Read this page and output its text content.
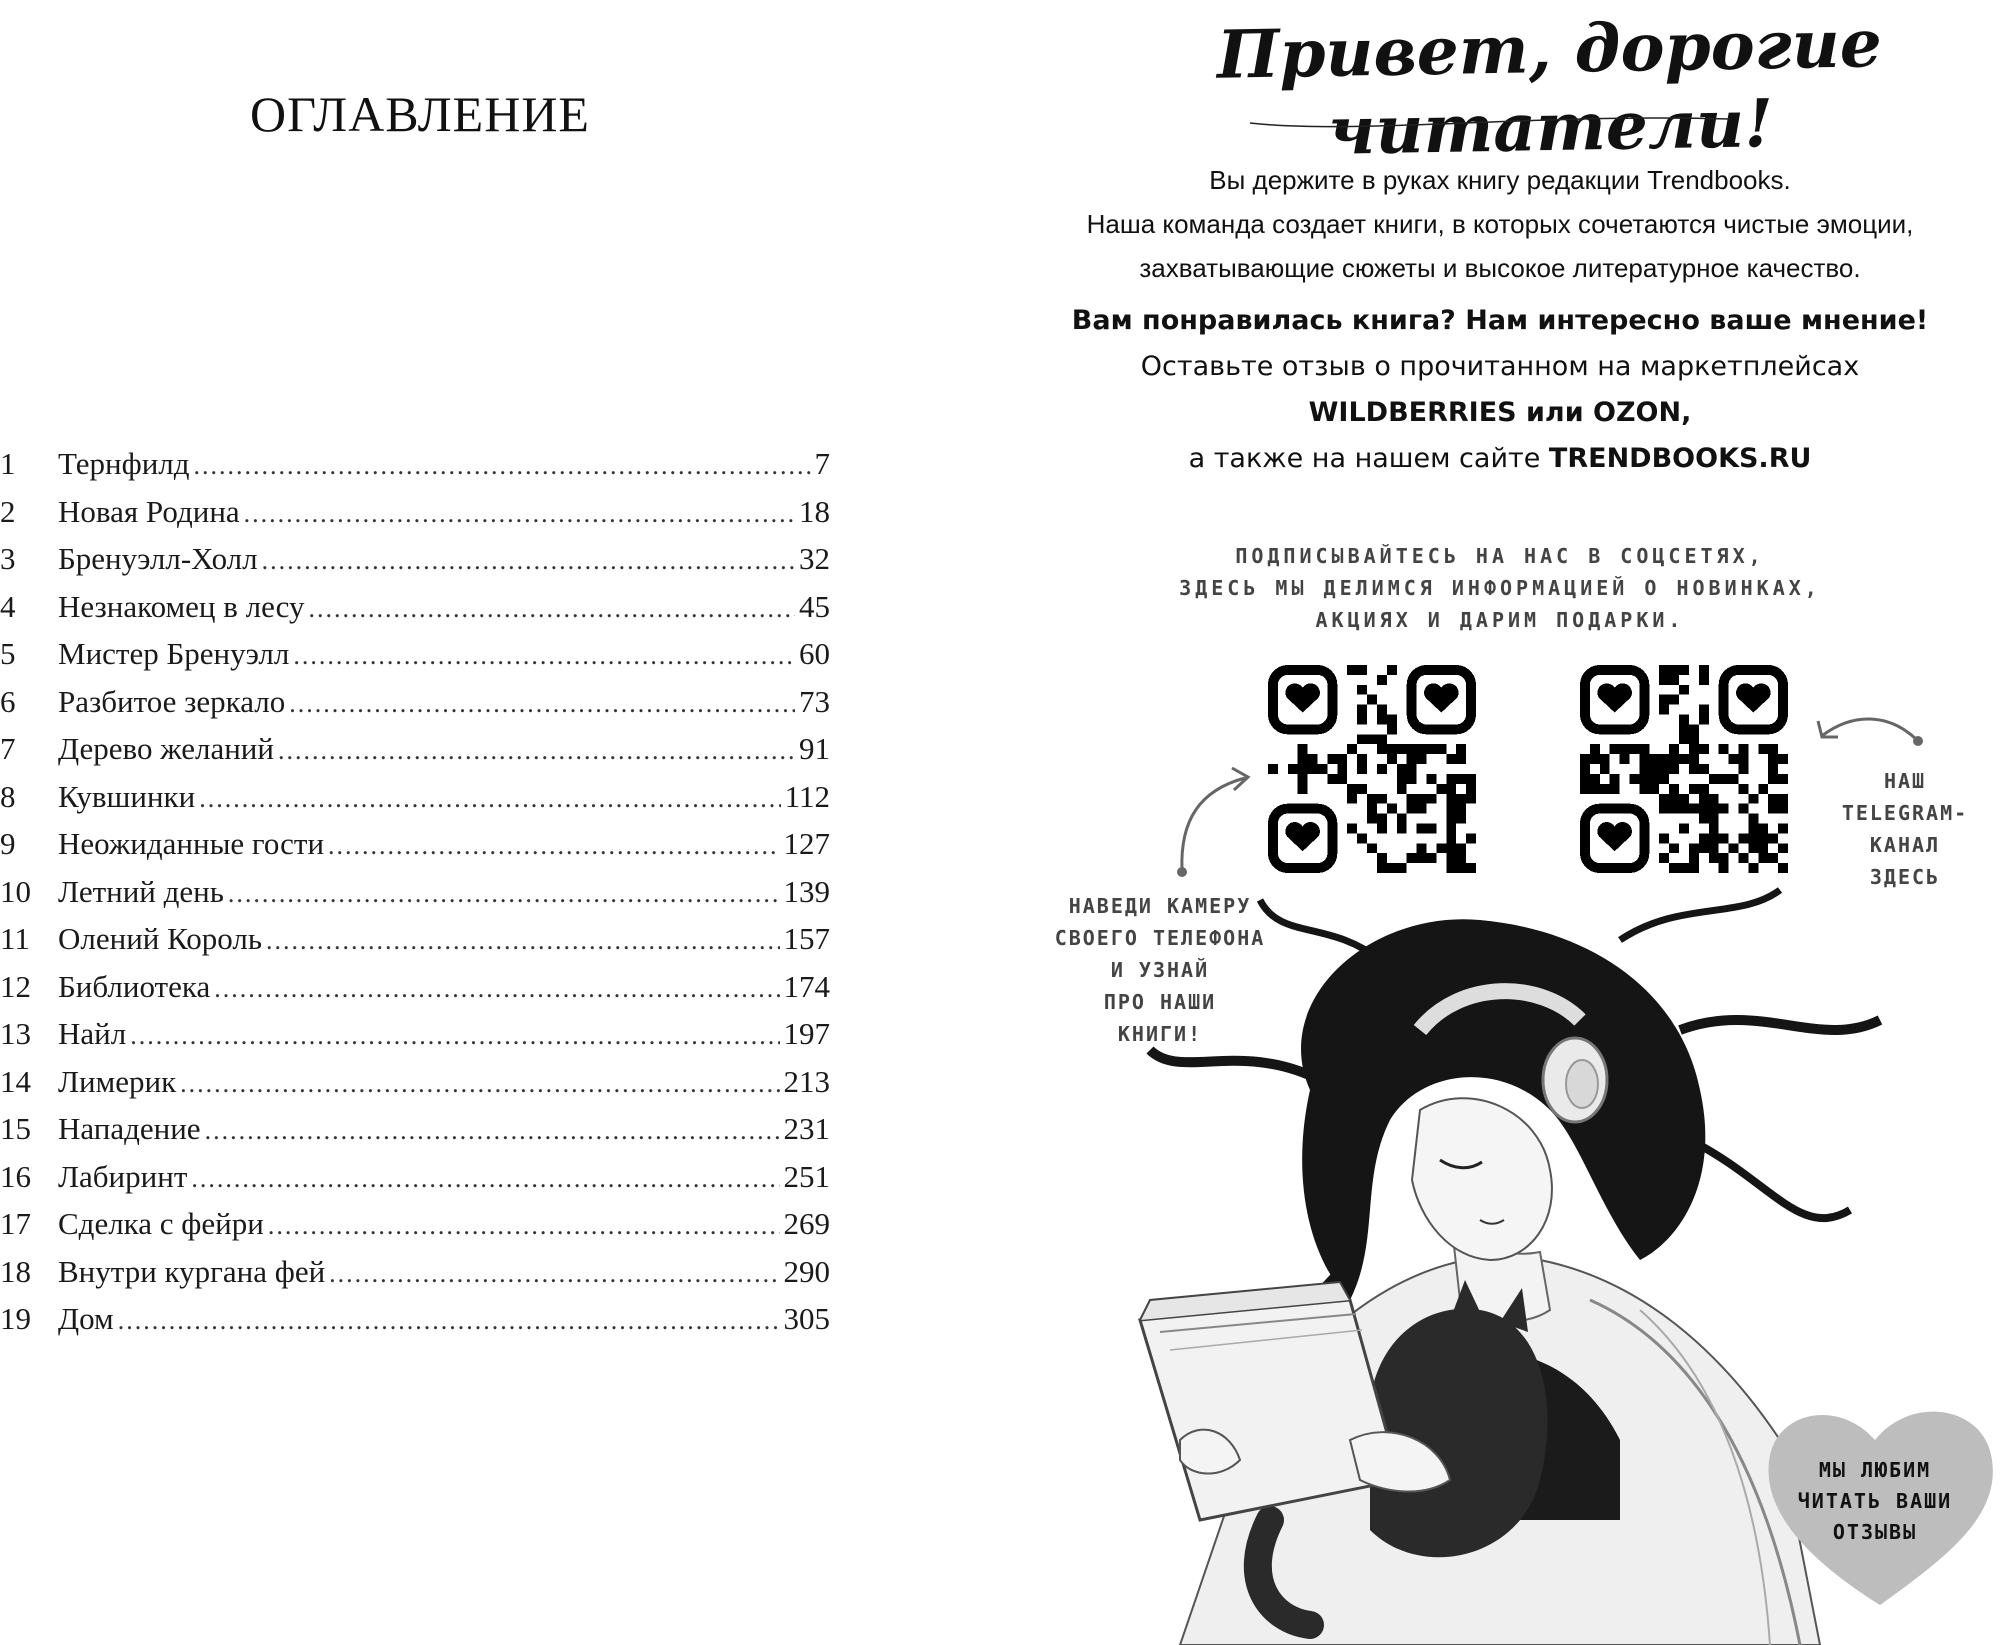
ОГЛАВЛЕНИЕ
1	Тернфилд .....	7
2	Новая Родина .....	18
3	Бренуэлл-Холл .....	32
4	Незнакомец в лесу .....	45
5	Мистер Бренуэлл .....	60
6	Разбитое зеркало .....	73
7	Дерево желаний .....	91
8	Кувшинки .....	112
9	Неожиданные гости .....	127
10 Летний день .....	139
11 Олений Король .....	157
12 Библиотека .....	174
13 Найл .....	197
14 Лимерик .....	213
15 Нападение .....	231
16 Лабиринт .....	251
17 Сделка с фейри .....	269
18 Внутри кургана фей .....	290
19 Дом .....	305
Привет, дорогие читатели!

Вы держите в руках книгу редакции Trendbooks.

Наша команда создает книги, в которых сочетаются чистые эмоции,

захватывающие сюжеты и высокое литературное качество.

Вам понравилась книга? Нам интересно ваше мнение!

Оставьте отзыв о прочитанном на маркетплейсах

WILDBERRIES или OZON,

а также на нашем сайте TRENDBOOKS.RU

ПОДПИСЫВАЙТЕСЬ НА НАС В СОЦСЕТЯХ,

ЗДЕСЬ МЫ ДЕЛИМСЯ ИНФОРМАЦИЕЙ О НОВИНКАХ,

АКЦИЯХ И ДАРИМ ПОДАРКИ.

НАВЕДИ КАМЕРУ

СВОЕГО ТЕЛЕФОНА

И УЗНАЙ

ПРО НАШИ

КНИГИ!

НАШ

TELEGRAM-

КАНАЛ

ЗДЕСЬ

МЫ ЛЮБИМ

ЧИТАТЬ ВАШИ

ОТЗЫВЫ
